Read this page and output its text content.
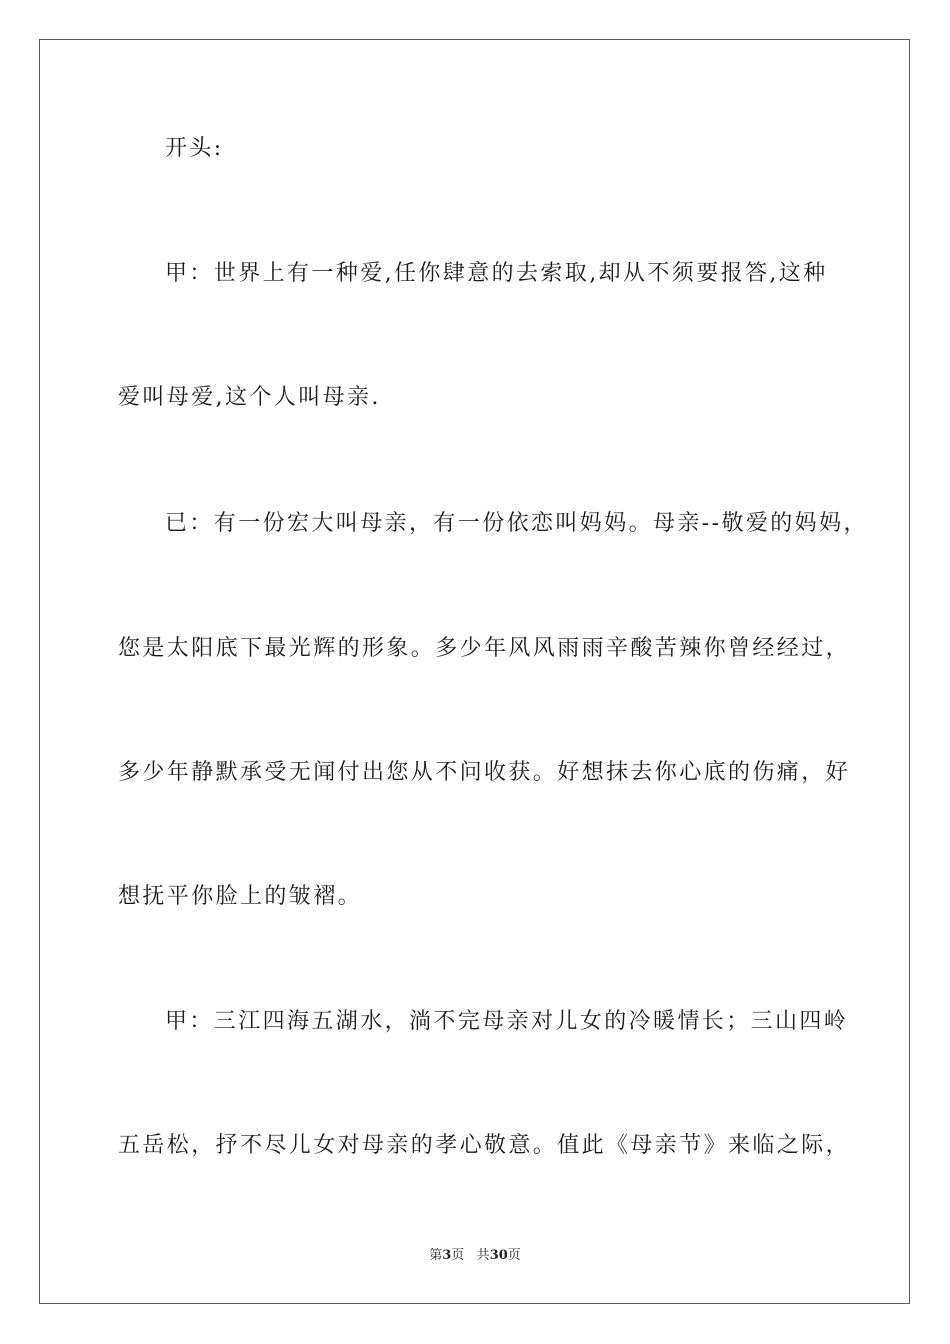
开头:
甲：世界上有一种爱,任你肆意的去索取,却从不须要报答,这种
爱叫母爱,这个人叫母亲.
已：有一份宏大叫母亲，有一份依恋叫妈妈。母亲--敬爱的妈妈，
您是太阳底下最光辉的形象。多少年风风雨雨辛酸苦辣你曾经经过，
多少年静默承受无闻付出您从不问收获。好想抹去你心底的伤痛，好
想抚平你脸上的皱褶。
甲：三江四海五湖水，淌不完母亲对儿女的冷暖情长；三山四岭
五岳松，抒不尽儿女对母亲的孝心敬意。值此《母亲节》来临之际，
第3页 共30页
